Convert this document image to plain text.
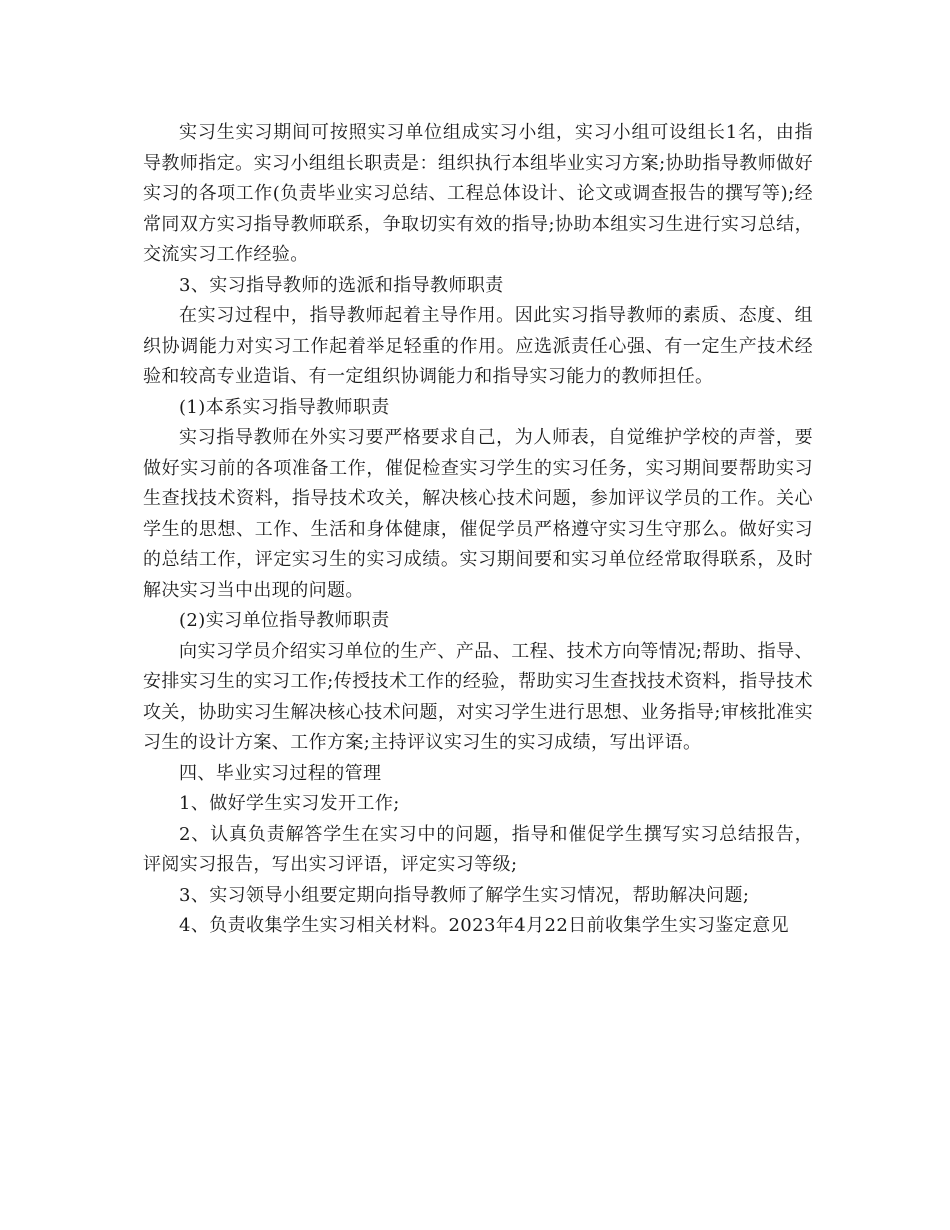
实习生实习期间可按照实习单位组成实习小组，实习小组可设组长1名，由指导教师指定。实习小组组长职责是：组织执行本组毕业实习方案;协助指导教师做好实习的各项工作(负责毕业实习总结、工程总体设计、论文或调查报告的撰写等);经常同双方实习指导教师联系，争取切实有效的指导;协助本组实习生进行实习总结，交流实习工作经验。

3、实习指导教师的选派和指导教师职责

在实习过程中，指导教师起着主导作用。因此实习指导教师的素质、态度、组织协调能力对实习工作起着举足轻重的作用。应选派责任心强、有一定生产技术经验和较高专业造诣、有一定组织协调能力和指导实习能力的教师担任。

(1)本系实习指导教师职责

实习指导教师在外实习要严格要求自己，为人师表，自觉维护学校的声誉，要做好实习前的各项准备工作，催促检查实习学生的实习任务，实习期间要帮助实习生查找技术资料，指导技术攻关，解决核心技术问题，参加评议学员的工作。关心学生的思想、工作、生活和身体健康，催促学员严格遵守实习生守那么。做好实习的总结工作，评定实习生的实习成绩。实习期间要和实习单位经常取得联系，及时解决实习当中出现的问题。

(2)实习单位指导教师职责

向实习学员介绍实习单位的生产、产品、工程、技术方向等情况;帮助、指导、安排实习生的实习工作;传授技术工作的经验，帮助实习生查找技术资料，指导技术攻关，协助实习生解决核心技术问题，对实习学生进行思想、业务指导;审核批准实习生的设计方案、工作方案;主持评议实习生的实习成绩，写出评语。

四、毕业实习过程的管理

1、做好学生实习发开工作;

2、认真负责解答学生在实习中的问题，指导和催促学生撰写实习总结报告，评阅实习报告，写出实习评语，评定实习等级;

3、实习领导小组要定期向指导教师了解学生实习情况，帮助解决问题;

4、负责收集学生实习相关材料。2023年4月22日前收集学生实习鉴定意见
